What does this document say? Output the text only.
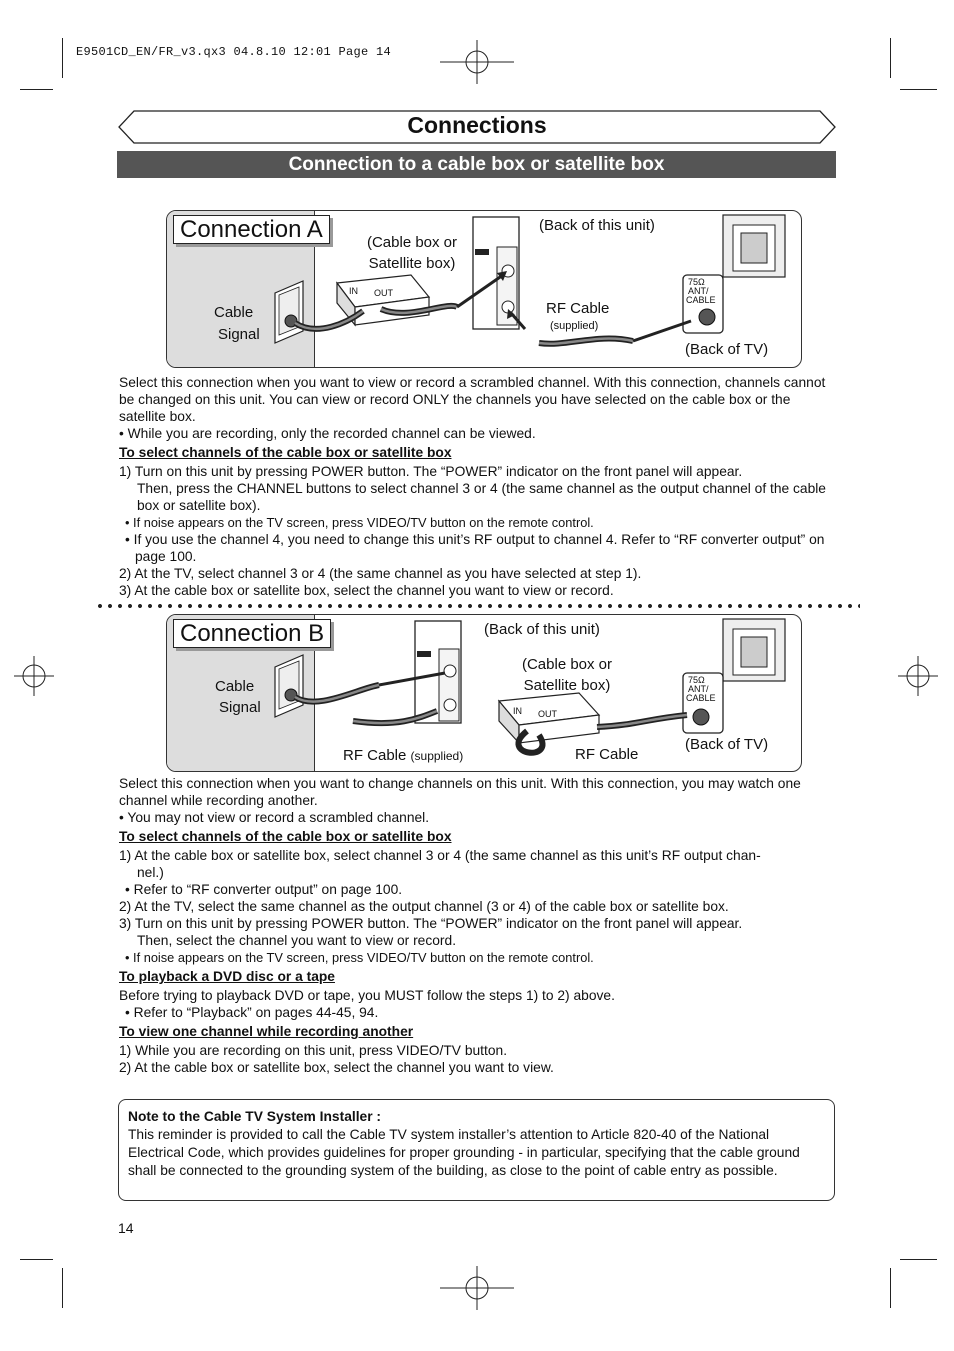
E9501CD_EN/FR_v3.qx3 04.8.10 12:01 Page 14
Connections
Connection to a cable box or satellite box
Connection A
Cable
Signal
(Cable box or
Satellite box)
(Back of this unit)
RF Cable
(supplied)
(Back of TV)
IN OUT
75Ω
ANT/
CABLE

Select this connection when you want to view or record a scrambled channel. With this connection, channels cannot be changed on this unit. You can view or record ONLY the channels you have selected on the cable box or the satellite box.

• While you are recording, only the recorded channel can be viewed.

To select channels of the cable box or satellite box

1) Turn on this unit by pressing POWER button. The “POWER” indicator on the front panel will appear.

Then, press the CHANNEL buttons to select channel 3 or 4 (the same channel as the output channel of the cable box or satellite box).

• If noise appears on the TV screen, press VIDEO/TV button on the remote control.

• If you use the channel 4, you need to change this unit’s RF output to channel 4. Refer to “RF converter output” on page 100.

2) At the TV, select channel 3 or 4 (the same channel as you have selected at step 1).

3) At the cable box or satellite box, select the channel you want to view or record.

Connection B
Cable
Signal
(Back of this unit)
(Cable box or
Satellite box)
RF Cable (supplied)	RF Cable
(Back of TV)
IN OUT
75Ω
ANT/
CABLE

Select this connection when you want to change channels on this unit. With this connection, you may watch one channel while recording another.

• You may not view or record a scrambled channel.

To select channels of the cable box or satellite box

1) At the cable box or satellite box, select channel 3 or 4 (the same channel as this unit’s RF output chan-

nel.)

• Refer to “RF converter output” on page 100.

2) At the TV, select the same channel as the output channel (3 or 4) of the cable box or satellite box.

3) Turn on this unit by pressing POWER button. The “POWER” indicator on the front panel will appear.

Then, select the channel you want to view or record.

• If noise appears on the TV screen, press VIDEO/TV button on the remote control.

To playback a DVD disc or a tape

Before trying to playback DVD or tape, you MUST follow the steps 1) to 2) above.

• Refer to “Playback” on pages 44-45, 94.

To view one channel while recording another

1) While you are recording on this unit, press VIDEO/TV button.

2) At the cable box or satellite box, select the channel you want to view.

Note to the Cable TV System Installer :

This reminder is provided to call the Cable TV system installer’s attention to Article 820-40 of the National Electrical Code, which provides guidelines for proper grounding - in particular, specifying that the cable ground shall be connected to the grounding system of the building, as close to the point of cable entry as possible.

14
